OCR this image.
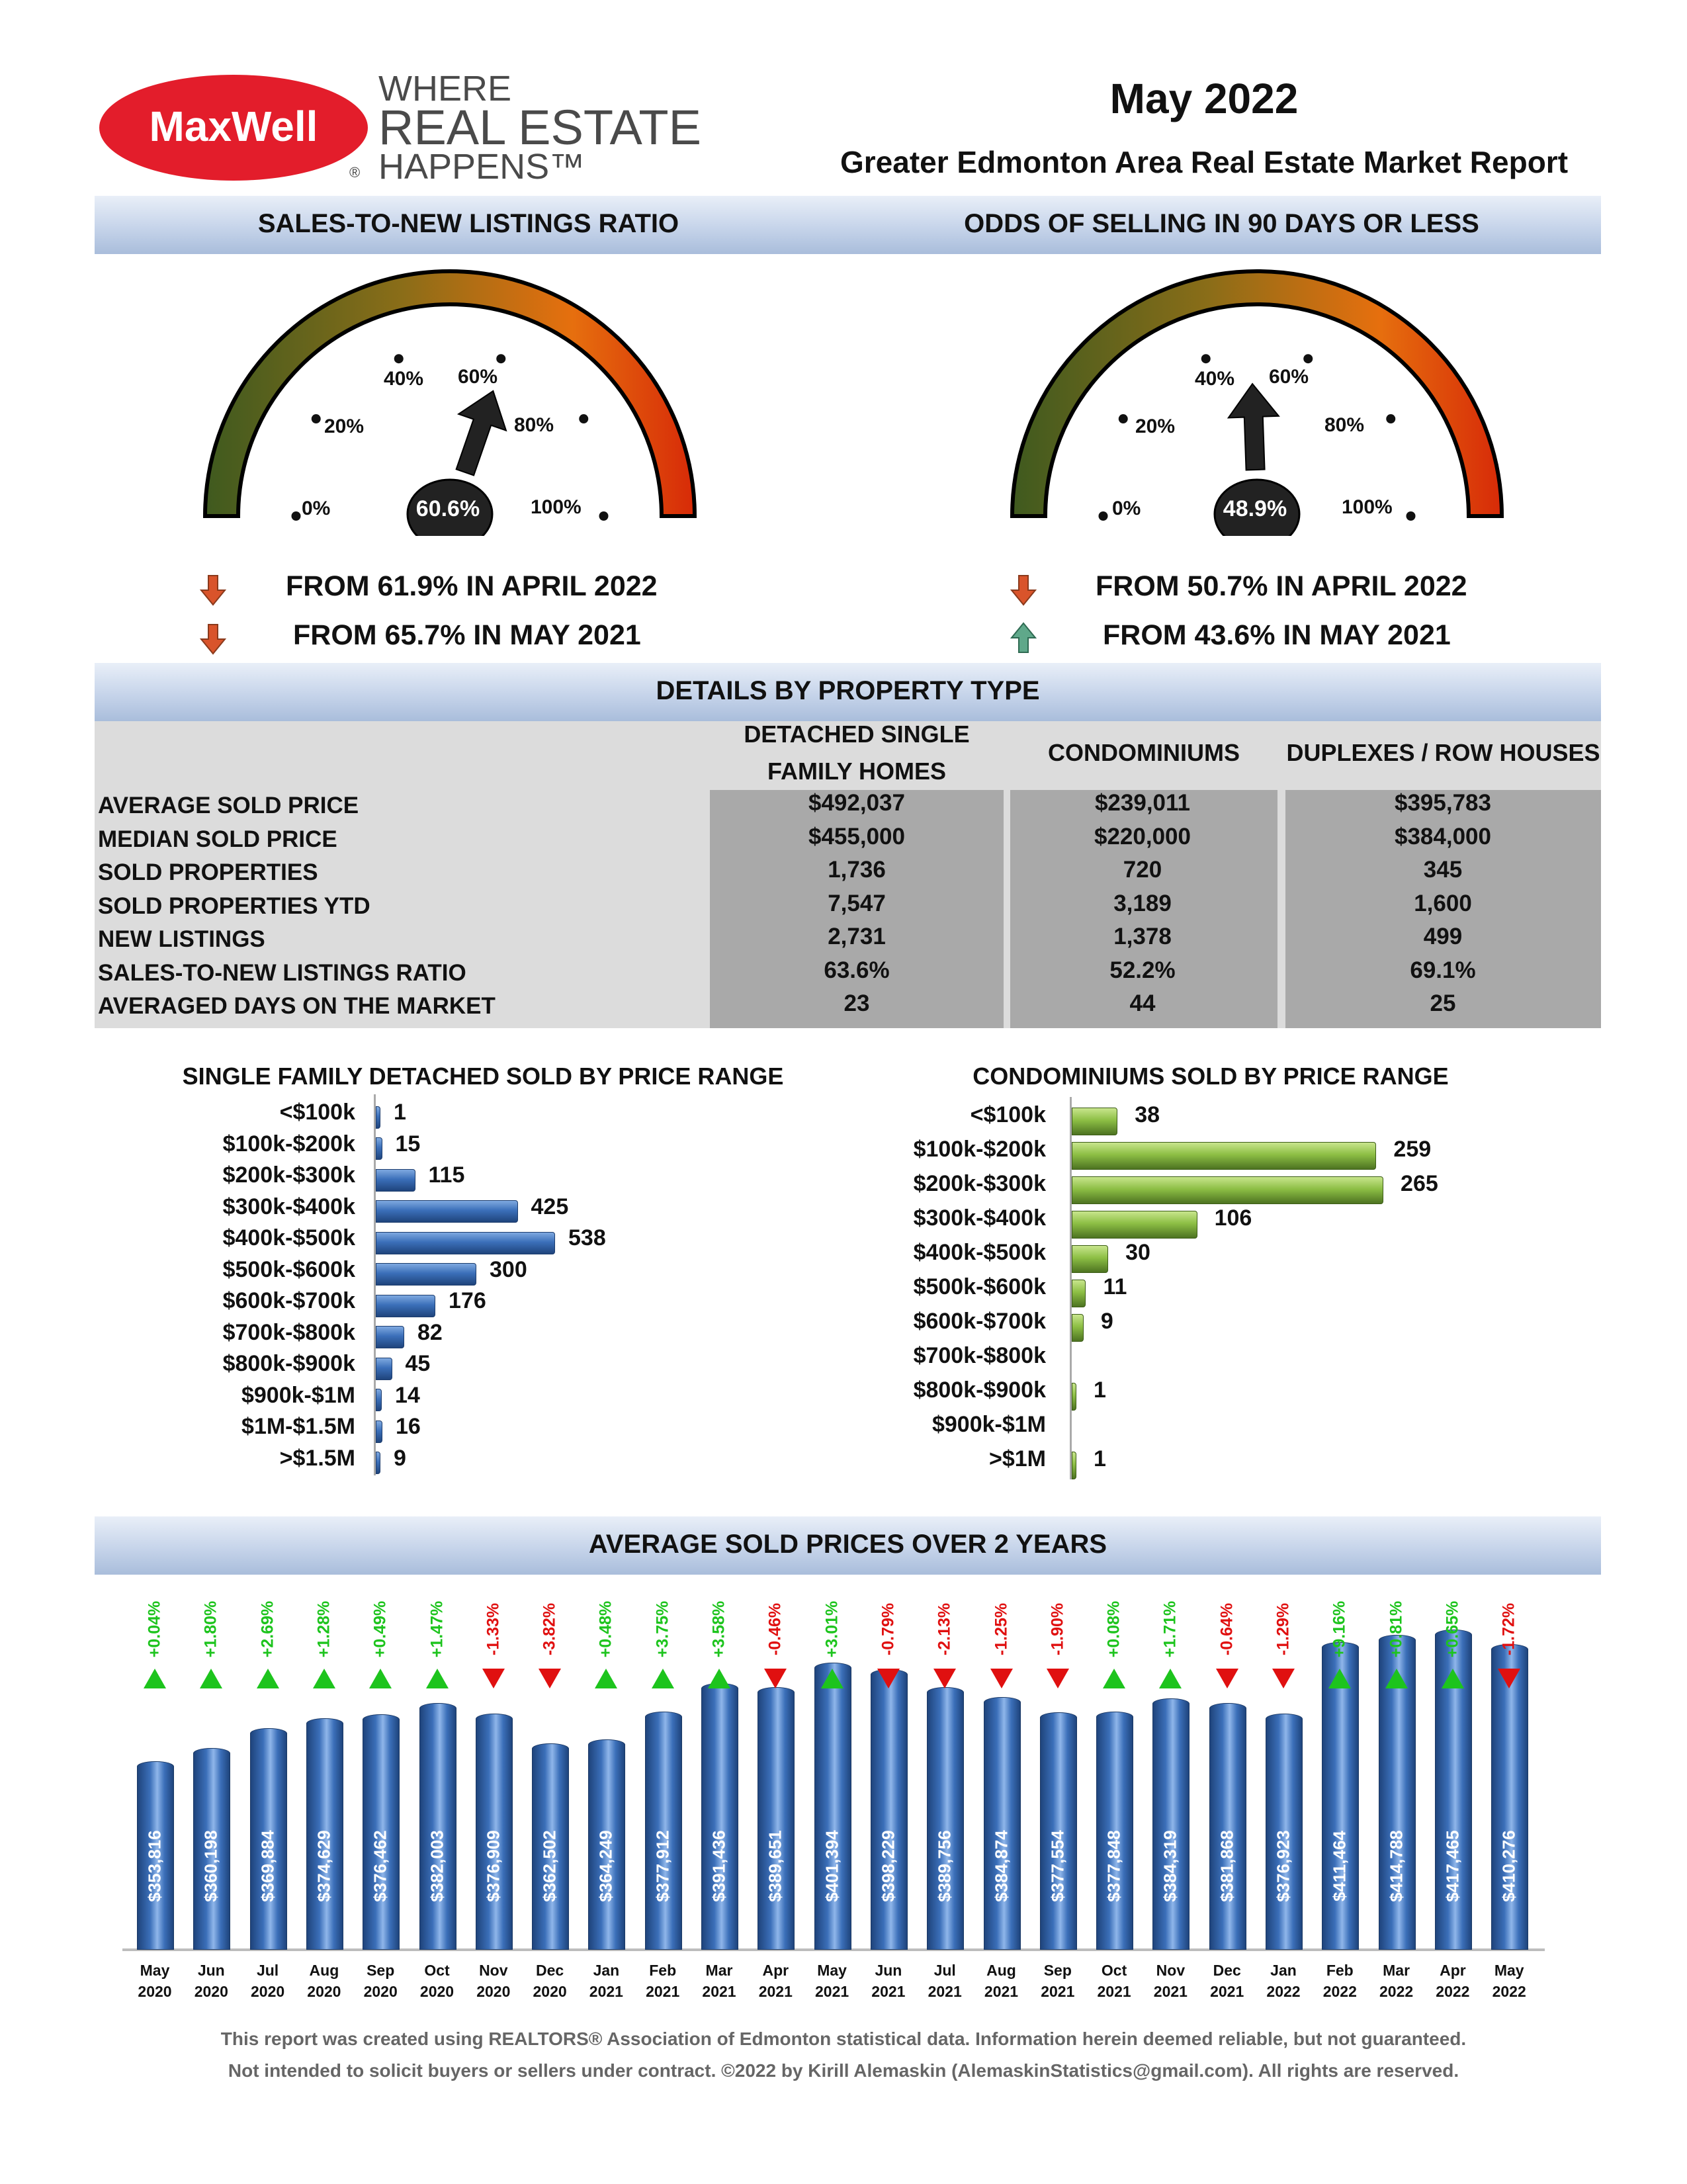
MaxWell
®
WHERE
REAL ESTATE
HAPPENS™
May 2022
Greater Edmonton Area Real Estate Market Report
SALES-TO-NEW LISTINGS RATIO	ODDS OF SELLING IN 90 DAYS OR LESS
0%
20%
40% 60%
80%
100%
60.6%	0%
20%
40% 60%
80%
100%
48.9%
FROM 61.9% IN APRIL 2022
FROM 65.7% IN MAY 2021
FROM 50.7% IN APRIL 2022
FROM 43.6% IN MAY 2021
DETAILS BY PROPERTY TYPE
DETACHED SINGLE
FAMILY HOMES
CONDOMINIUMS	DUPLEXES / ROW HOUSES
SINGLE FAMILY DETACHED SOLD BY PRICE RANGE	CONDOMINIUMS SOLD BY PRICE RANGE
AVERAGE SOLD PRICES OVER 2 YEARS
This report was created using REALTORS® Association of Edmonton statistical data. Information herein deemed reliable, but not guaranteed.
Not intended to solicit buyers or sellers under contract. ©2022 by Kirill Alemaskin (AlemaskinStatistics@gmail.com). All rights are reserved.
AVERAGE SOLD PRICE	$492,037	$239,011	$395,783
MEDIAN SOLD PRICE	$455,000	$220,000	$384,000
SOLD PROPERTIES	1,736	720	345
SOLD PROPERTIES YTD	7,547	3,189	1,600
NEW LISTINGS	2,731	1,378	499
SALES-TO-NEW LISTINGS RATIO	63.6%	52.2%	69.1%
AVERAGED DAYS ON THE MARKET	23	44	25
<$100k 1
$100k-$200k 15
$200k-$300k	115
$300k-$400k	425
$400k-$500k	538
$500k-$600k	300
$600k-$700k	176
$700k-$800k	82
$800k-$900k 45
$900k-$1M 14
$1M-$1.5M 16
>$1.5M 9
<$100k	38
$100k-$200k	259
$200k-$300k	265
$300k-$400k	106
$400k-$500k	30
$500k-$600k	11
$600k-$700k 9
$700k-$800k
$800k-$900k 1
$900k-$1M
>$1M 1
$353,816
May
2020
+0.04%
$360,198
Jun
2020
+1.80%
$369,884
Jul
2020
+2.69%
$374,629
Aug
2020
+1.28%
$376,462
Sep
2020
+0.49%
$382,003
Oct
2020
+1.47%
$376,909
Nov
2020
-1.33%
$362,502
Dec
2020
-3.82%
$364,249
Jan
2021
+0.48%
$377,912
Feb
2021
+3.75%
$391,436
Mar
2021
+3.58%
$389,651
Apr
2021
-0.46%
$401,394
May
2021
+3.01%
$398,229
Jun
2021
-0.79%
$389,756
Jul
2021
-2.13%
$384,874
Aug
2021
-1.25%
$377,554
Sep
2021
-1.90%
$377,848
Oct
2021
+0.08%
$384,319
Nov
2021
+1.71%
$381,868
Dec
2021
-0.64%
$376,923
Jan
2022
-1.29%
$411,464
Feb
2022
+9.16%
$414,788
Mar
2022
+0.81%
$417,465
Apr
2022
+0.65%
$410,276
May
2022
-1.72%
